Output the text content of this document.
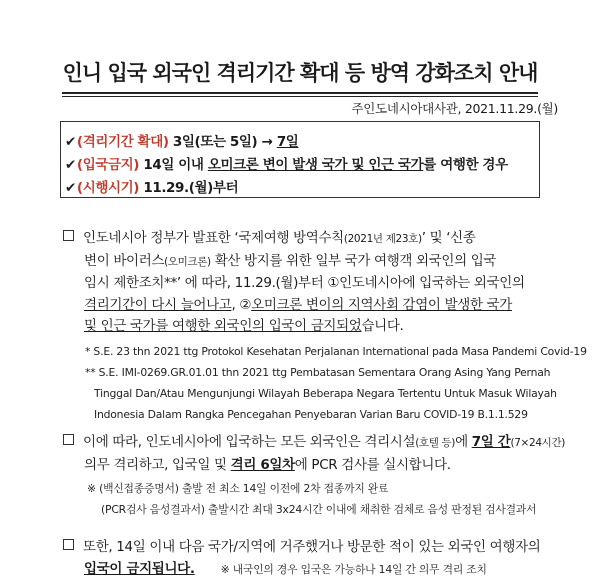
인니 입국 외국인 격리기간 확대 등 방역 강화조치 안내
주인도네시아대사관, 2021.11.29.(월)
✔(격리기간 확대) 3일(또는 5일) → 7일
✔(입국금지) 14일 이내 오미크론 변이 발생 국가 및 인근 국가를 여행한 경우
✔(시행시기) 11.29.(월)부터
인도네시아 정부가 발표한 ‘국제여행 방역수칙(2021년 제23호)’ 및 ‘신종
변이 바이러스(오미크론) 확산 방지를 위한 일부 국가 여행객 외국인의 입국
임시 제한조치**’ 에 따라, 11.29.(월)부터 ①인도네시아에 입국하는 외국인의
격리기간이 다시 늘어나고, ②오미크론 변이의 지역사회 감염이 발생한 국가
및 인근 국가를 여행한 외국인의 입국이 금지되었습니다.
* S.E. 23 thn 2021 ttg Protokol Kesehatan Perjalanan International pada Masa Pandemi Covid-19
** S.E. IMI-0269.GR.01.01 thn 2021 ttg Pembatasan Sementara Orang Asing Yang Pernah
Tinggal Dan/Atau Mengunjungi Wilayah Beberapa Negara Tertentu Untuk Masuk Wilayah
Indonesia Dalam Rangka Pencegahan Penyebaran Varian Baru COVID-19 B.1.1.529
이에 따라, 인도네시아에 입국하는 모든 외국인은 격리시설(호텔 등)에 7일 간(7×24시간)
의무 격리하고, 입국일 및 격리 6일차에 PCR 검사를 실시합니다.
※ (백신접종증명서) 출발 전 최소 14일 이전에 2차 접종까지 완료
(PCR검사 음성결과서) 출발시간 최대 3x24시간 이내에 채취한 검체로 음성 판정된 검사결과서
또한, 14일 이내 다음 국가/지역에 거주했거나 방문한 적이 있는 외국인 여행자의
입국이 금지됩니다. ※ 내국인의 경우 입국은 가능하나 14일 간 의무 격리 조치
